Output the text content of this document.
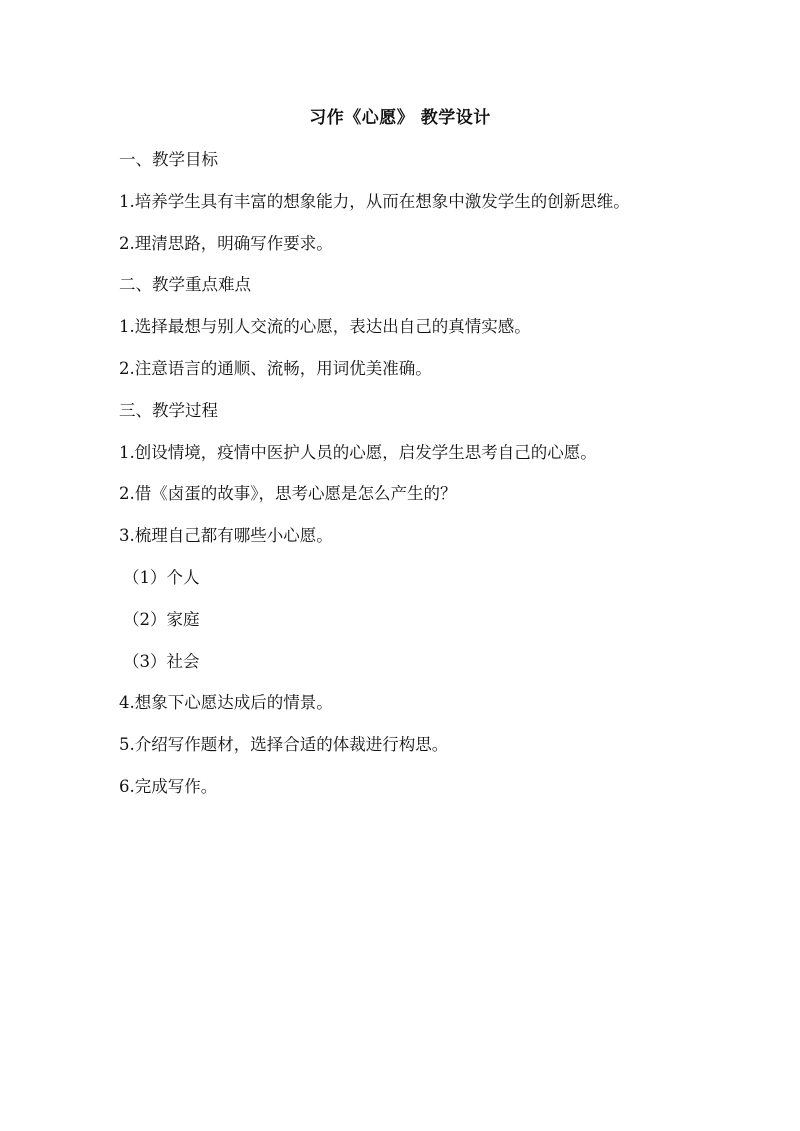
习作《心愿》 教学设计
一、教学目标
1.培养学生具有丰富的想象能力，从而在想象中激发学生的创新思维。
2.理清思路，明确写作要求。
二、教学重点难点
1.选择最想与别人交流的心愿，表达出自己的真情实感。
2.注意语言的通顺、流畅，用词优美准确。
三、教学过程
1.创设情境，疫情中医护人员的心愿，启发学生思考自己的心愿。
2.借《卤蛋的故事》，思考心愿是怎么产生的？
3.梳理自己都有哪些小心愿。
（1）个人
（2）家庭
（3）社会
4.想象下心愿达成后的情景。
5.介绍写作题材，选择合适的体裁进行构思。
6.完成写作。
